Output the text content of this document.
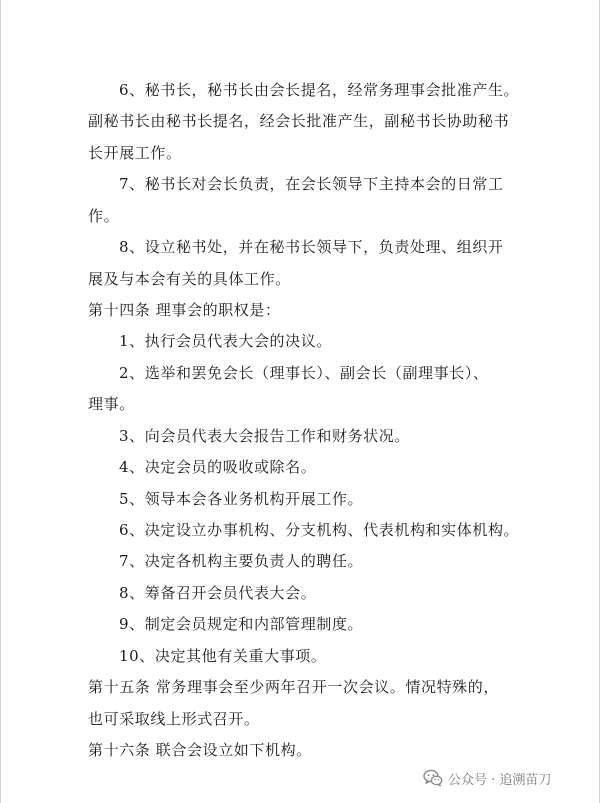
6、秘书长，秘书长由会长提名，经常务理事会批准产生。
副秘书长由秘书长提名，经会长批准产生，副秘书长协助秘书
长开展工作。
7、秘书长对会长负责，在会长领导下主持本会的日常工
作。
8、设立秘书处，并在秘书长领导下，负责处理、组织开
展及与本会有关的具体工作。
第十四条 理事会的职权是：
1、执行会员代表大会的决议。
2、选举和罢免会长（理事长）、副会长（副理事长）、
理事。
3、向会员代表大会报告工作和财务状况。
4、决定会员的吸收或除名。
5、领导本会各业务机构开展工作。
6、决定设立办事机构、分支机构、代表机构和实体机构。
7、决定各机构主要负责人的聘任。
8、筹备召开会员代表大会。
9、制定会员规定和内部管理制度。
10、决定其他有关重大事项。
第十五条 常务理事会至少两年召开一次会议。情况特殊的，
也可采取线上形式召开。
第十六条 联合会设立如下机构。
公众号 · 追溯苗刀
